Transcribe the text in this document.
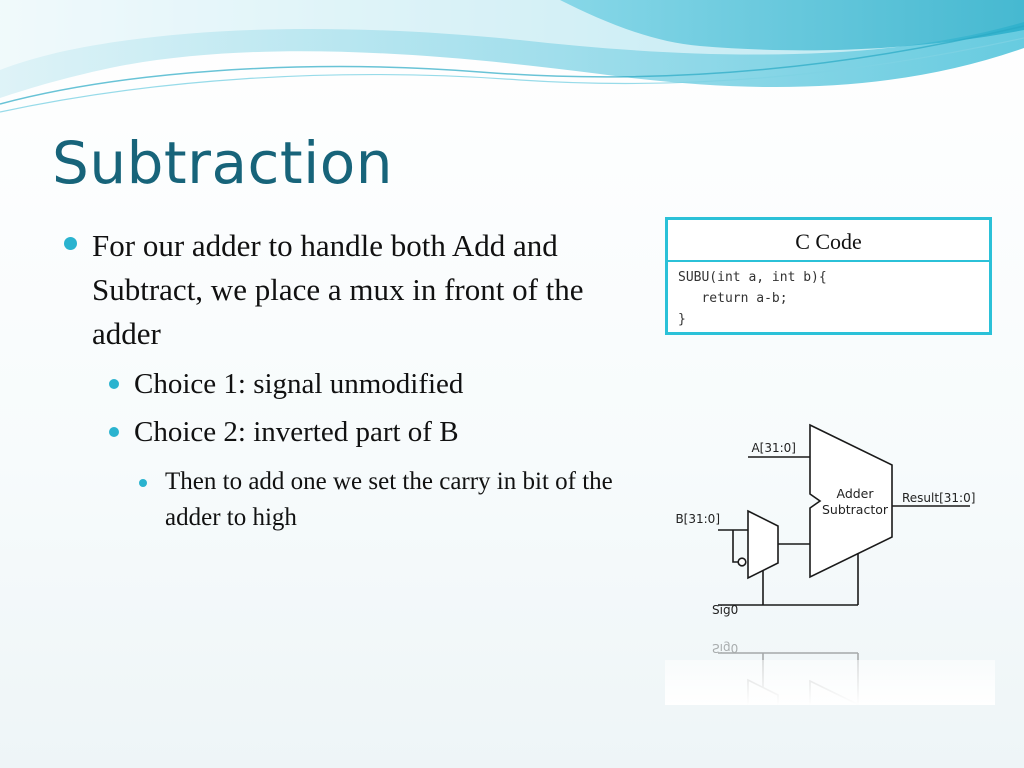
Subtraction
For our adder to handle both Add and Subtract, we place a mux in front of the adder
Choice 1: signal unmodified
Choice 2: inverted part of B
Then to add one we set the carry in bit of the adder to high
C Code
SUBU(int a, int b){
return a-b;
}
A[31:0]
B[31:0]
Adder
Subtractor
Result[31:0]
Sig0
Sig0
